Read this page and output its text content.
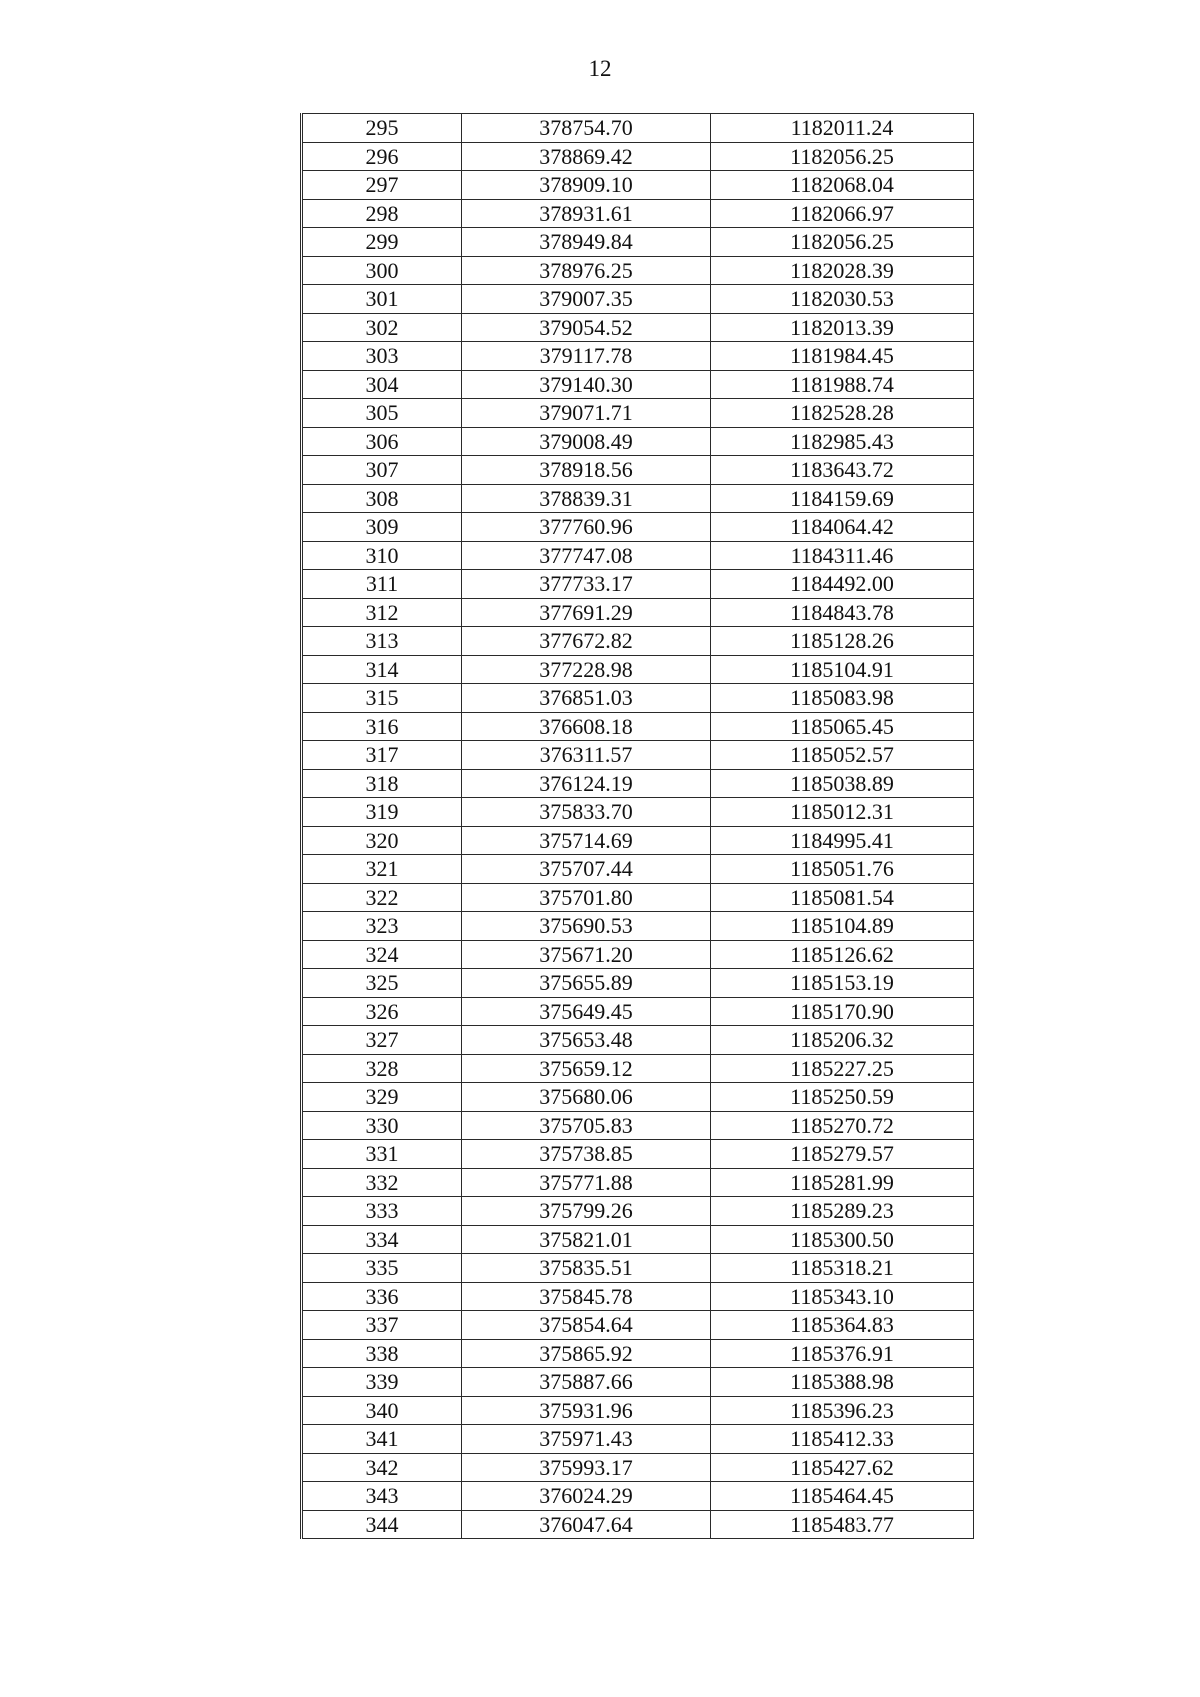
12
295	378754.70	1182011.24
296	378869.42	1182056.25
297	378909.10	1182068.04
298	378931.61	1182066.97
299	378949.84	1182056.25
300	378976.25	1182028.39
301	379007.35	1182030.53
302	379054.52	1182013.39
303	379117.78	1181984.45
304	379140.30	1181988.74
305	379071.71	1182528.28
306	379008.49	1182985.43
307	378918.56	1183643.72
308	378839.31	1184159.69
309	377760.96	1184064.42
310	377747.08	1184311.46
311	377733.17	1184492.00
312	377691.29	1184843.78
313	377672.82	1185128.26
314	377228.98	1185104.91
315	376851.03	1185083.98
316	376608.18	1185065.45
317	376311.57	1185052.57
318	376124.19	1185038.89
319	375833.70	1185012.31
320	375714.69	1184995.41
321	375707.44	1185051.76
322	375701.80	1185081.54
323	375690.53	1185104.89
324	375671.20	1185126.62
325	375655.89	1185153.19
326	375649.45	1185170.90
327	375653.48	1185206.32
328	375659.12	1185227.25
329	375680.06	1185250.59
330	375705.83	1185270.72
331	375738.85	1185279.57
332	375771.88	1185281.99
333	375799.26	1185289.23
334	375821.01	1185300.50
335	375835.51	1185318.21
336	375845.78	1185343.10
337	375854.64	1185364.83
338	375865.92	1185376.91
339	375887.66	1185388.98
340	375931.96	1185396.23
341	375971.43	1185412.33
342	375993.17	1185427.62
343	376024.29	1185464.45
344	376047.64	1185483.77
